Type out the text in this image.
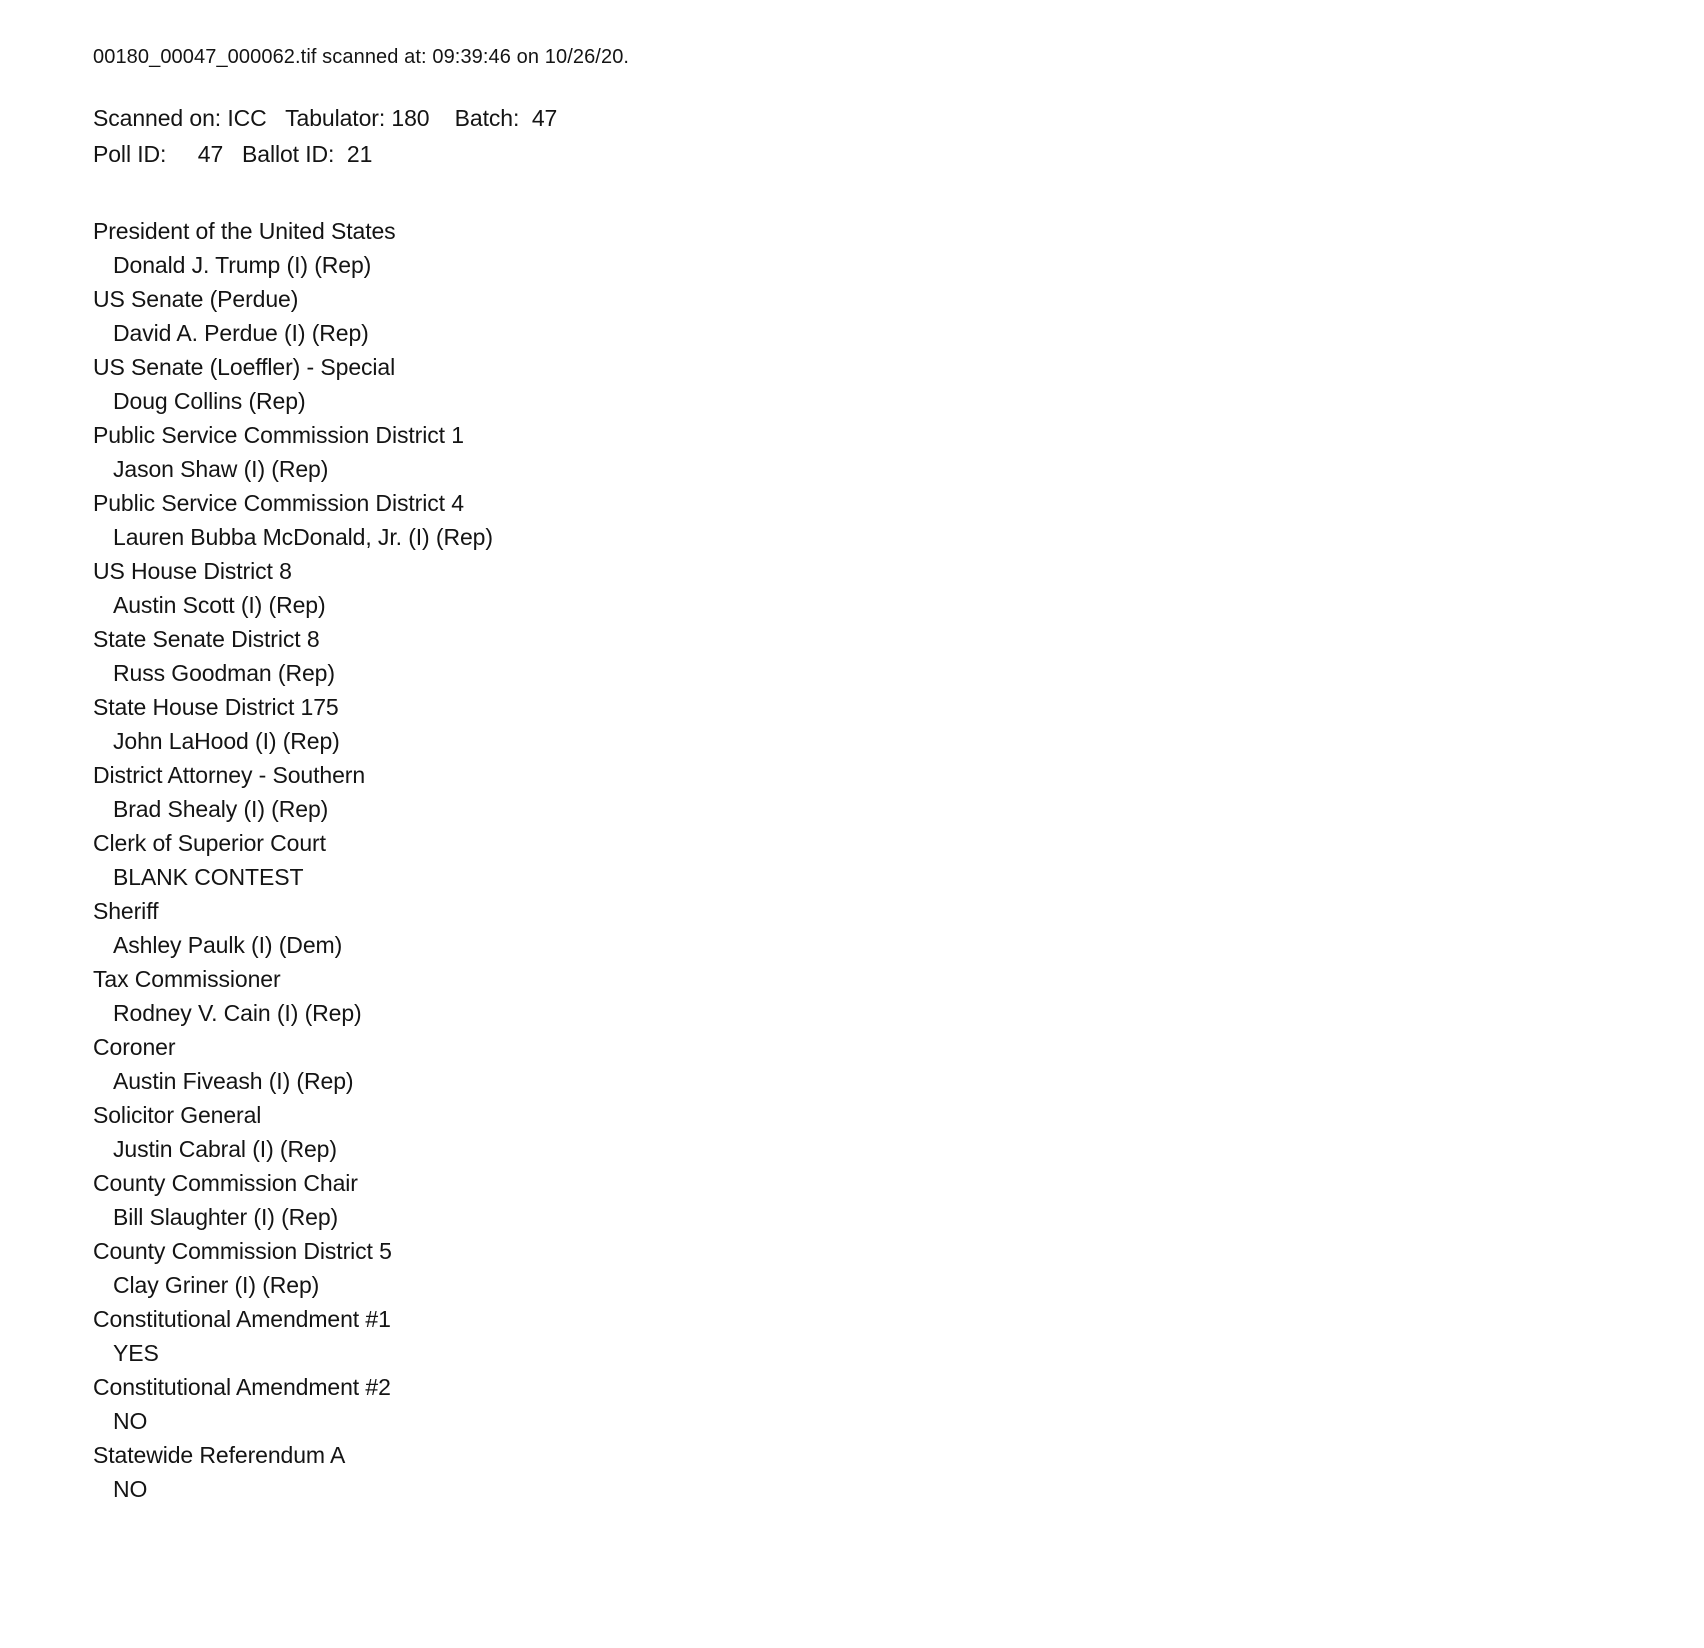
00180_00047_000062.tif scanned at: 09:39:46 on 10/26/20.
Scanned on: ICC   Tabulator: 180    Batch:  47
Poll ID:     47   Ballot ID:  21
President of the United States
Donald J. Trump (I) (Rep)
US Senate (Perdue)
David A. Perdue (I) (Rep)
US Senate (Loeffler) - Special
Doug Collins (Rep)
Public Service Commission District 1
Jason Shaw (I) (Rep)
Public Service Commission District 4
Lauren Bubba McDonald, Jr. (I) (Rep)
US House District 8
Austin Scott (I) (Rep)
State Senate District 8
Russ Goodman (Rep)
State House District 175
John LaHood (I) (Rep)
District Attorney - Southern
Brad Shealy (I) (Rep)
Clerk of Superior Court
BLANK CONTEST
Sheriff
Ashley Paulk (I) (Dem)
Tax Commissioner
Rodney V. Cain (I) (Rep)
Coroner
Austin Fiveash (I) (Rep)
Solicitor General
Justin Cabral (I) (Rep)
County Commission Chair
Bill Slaughter (I) (Rep)
County Commission District 5
Clay Griner (I) (Rep)
Constitutional Amendment #1
YES
Constitutional Amendment #2
NO
Statewide Referendum A
NO
